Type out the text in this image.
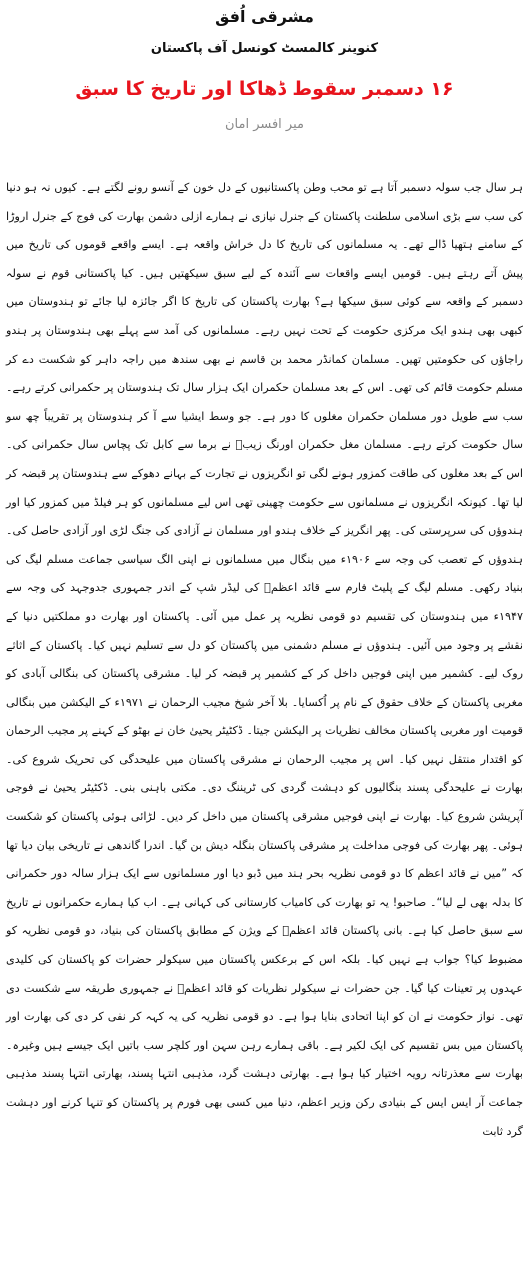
مشرقی اُفق
کنوینر کالمسٹ کونسل آف پاکستان
۱۶ دسمبر سقوط ڈھاکا اور تاریخ کا سبق
میر افسر امان

ہر سال جب سولہ دسمبر آتا ہے تو محب وطن پاکستانیوں کے دل خون کے آنسو رونے لگتے ہے۔ کیوں نہ ہو دنیا کی سب سے بڑی اسلامی سلطنت پاکستان کے جنرل نیازی نے ہمارے ازلی دشمن بھارت کی فوج کے جنرل اروڑا کے سامنے ہتھیا ڈالے تھے۔ یہ مسلمانوں کی تاریخ کا دل خراش واقعہ ہے۔ ایسے واقعے قوموں کی تاریخ میں پیش آتے رہتے ہیں۔ قومیں ایسے واقعات سے آئندہ کے لیے سبق سیکھتیں ہیں۔ کیا پاکستانی قوم نے سولہ دسمبر کے واقعہ سے کوئی سبق سیکھا ہے؟ بھارت پاکستان کی تاریخ کا اگر جائزہ لیا جائے تو ہندوستان میں کبھی بھی ہندو ایک مرکزی حکومت کے تحت نہیں رہے۔ مسلمانوں کی آمد سے پہلے بھی ہندوستان پر ہندو راجاؤں کی حکومتیں تھیں۔ مسلمان کمانڈر محمد بن قاسم نے بھی سندھ میں راجہ داہر کو شکست دے کر مسلم حکومت قائم کی تھی۔ اس کے بعد مسلمان حکمران ایک ہزار سال تک ہندوستان پر حکمرانی کرتے رہے۔ سب سے طویل دور مسلمان حکمران مغلوں کا دور ہے۔ جو وسط ایشیا سے آ کر ہندوستان پر تقریباً چھ سو سال حکومت کرتے رہے۔ مسلمان مغل حکمران اورنگ زیبؒ نے برما سے کابل تک پچاس سال حکمرانی کی۔ اس کے بعد مغلوں کی طاقت کمزور ہونے لگی تو انگریزوں نے تجارت کے بہانے دھوکے سے ہندوستان پر قبضہ کر لیا تھا۔ کیونکہ انگریزوں نے مسلمانوں سے حکومت چھینی تھی اس لیے مسلمانوں کو ہر فیلڈ میں کمزور کیا اور ہندوؤں کی سرپرستی کی۔ پھر انگریز کے خلاف ہندو اور مسلمان نے آزادی کی جنگ لڑی اور آزادی حاصل کی۔ ہندوؤں کے تعصب کی وجہ سے ۱۹۰۶ء میں بنگال میں مسلمانوں نے اپنی الگ سیاسی جماعت مسلم لیگ کی بنیاد رکھی۔ مسلم لیگ کے پلیٹ فارم سے قائد اعظمؒ کی لیڈر شپ کے اندر جمہوری جدوجہد کی وجہ سے ۱۹۴۷ء میں ہندوستان کی تقسیم دو قومی نظریہ پر عمل میں آئی۔ پاکستان اور بھارت دو مملکتیں دنیا کے نقشے پر وجود میں آئیں۔ ہندوؤں نے مسلم دشمنی میں پاکستان کو دل سے تسلیم نہیں کیا۔ پاکستان کے اثاثے روک لیے۔ کشمیر میں اپنی فوجیں داخل کر کے کشمیر پر قبضہ کر لیا۔ مشرقی پاکستان کی بنگالی آبادی کو مغربی پاکستان کے خلاف حقوق کے نام پر اُکسایا۔ بلا آخر شیخ مجیب الرحمان نے ۱۹۷۱ء کے الیکشن میں بنگالی قومیت اور مغربی پاکستان مخالف نظریات پر الیکشن جیتا۔ ڈکٹیٹر یحییٰ خان نے بھٹو کے کہنے پر مجیب الرحمان کو اقتدار منتقل نہیں کیا۔ اس پر مجیب الرحمان نے مشرقی پاکستان میں علیحدگی کی تحریک شروع کی۔ بھارت نے علیحدگی پسند بنگالیوں کو دہشت گردی کی ٹریننگ دی۔ مکتی باہنی بنی۔ ڈکٹیٹر یحییٰ نے فوجی آپریشن شروع کیا۔ بھارت نے اپنی فوجیں مشرقی پاکستان میں داخل کر دیں۔ لڑائی ہوئی پاکستان کو شکست ہوئی۔ پھر بھارت کی فوجی مداخلت پر مشرقی پاکستان بنگلہ دیش بن گیا۔ اندرا گاندھی نے تاریخی بیان دیا تھا کہ ”میں نے قائد اعظم کا دو قومی نظریہ بحر ہند میں ڈبو دیا اور مسلمانوں سے ایک ہزار سالہ دور حکمرانی کا بدلہ بھی لے لیا“۔ صاحبو! یہ تو بھارت کی کامیاب کارستانی کی کہانی ہے۔ اب کیا ہمارے حکمرانوں نے تاریخ سے سبق حاصل کیا ہے۔ بانی پاکستان قائد اعظمؒ کے ویژن کے مطابق پاکستان کی بنیاد، دو قومی نظریہ کو مضبوط کیا؟ جواب ہے نہیں کیا۔ بلکہ اس کے برعکس پاکستان میں سیکولر حضرات کو پاکستان کی کلیدی عہدوں پر تعینات کیا گیا۔ جن حضرات نے سیکولر نظریات کو قائد اعظمؒ نے جمہوری طریقہ سے شکست دی تھی۔ نواز حکومت نے ان کو اپنا اتحادی بنایا ہوا ہے۔ دو قومی نظریہ کی یہ کہہ کر نفی کر دی کی بھارت اور پاکستان میں بس تقسیم کی ایک لکیر ہے۔ باقی ہمارے رہن سہن اور کلچر سب باتیں ایک جیسے ہیں وغیرہ۔ بھارت سے معذرتانہ رویہ اختیار کیا ہوا ہے۔ بھارتی دہشت گرد، مذہبی انتہا پسند، بھارتی انتہا پسند مذہبی جماعت آر ایس ایس کے بنیادی رکن وزیر اعظم، دنیا میں کسی بھی فورم پر پاکستان کو تنہا کرنے اور دہشت گرد ثابت
